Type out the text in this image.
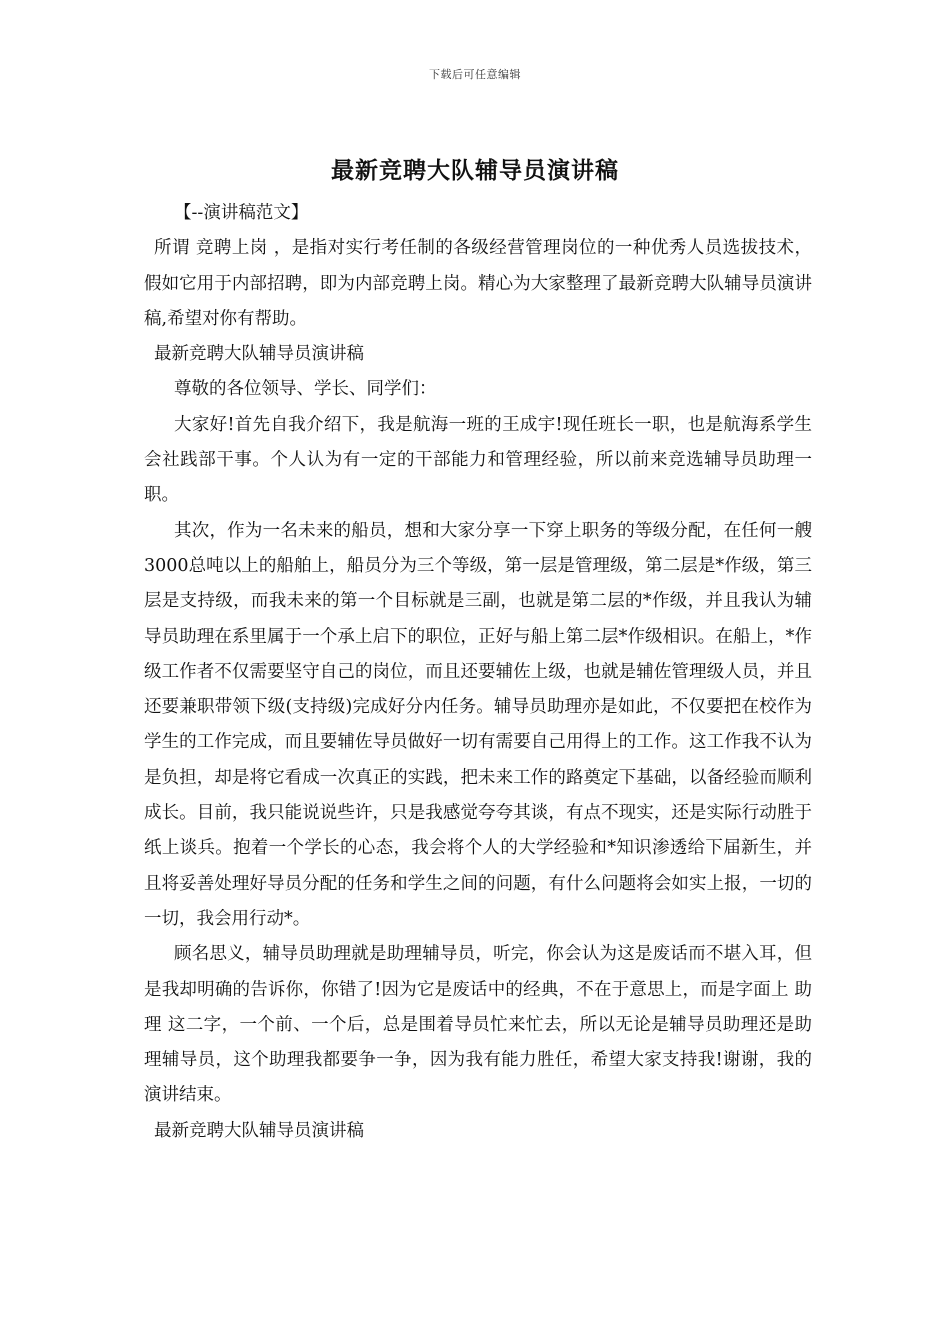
下载后可任意编辑
最新竞聘大队辅导员演讲稿

【--演讲稿范文】

所谓 竞聘上岗 ，是指对实行考任制的各级经营管理岗位的一种优秀人员选拔技术，假如它用于内部招聘，即为内部竞聘上岗。精心为大家整理了最新竞聘大队辅导员演讲稿,希望对你有帮助。

最新竞聘大队辅导员演讲稿

尊敬的各位领导、学长、同学们：

大家好!首先自我介绍下，我是航海一班的王成宇!现任班长一职，也是航海系学生会社践部干事。个人认为有一定的干部能力和管理经验，所以前来竞选辅导员助理一职。

其次，作为一名未来的船员，想和大家分享一下穿上职务的等级分配，在任何一艘3000总吨以上的船舶上，船员分为三个等级，第一层是管理级，第二层是*作级，第三层是支持级，而我未来的第一个目标就是三副，也就是第二层的*作级，并且我认为辅导员助理在系里属于一个承上启下的职位，正好与船上第二层*作级相识。在船上，*作级工作者不仅需要坚守自己的岗位，而且还要辅佐上级，也就是辅佐管理级人员，并且还要兼职带领下级(支持级)完成好分内任务。辅导员助理亦是如此，不仅要把在校作为学生的工作完成，而且要辅佐导员做好一切有需要自己用得上的工作。这工作我不认为是负担，却是将它看成一次真正的实践，把未来工作的路奠定下基础，以备经验而顺利成长。目前，我只能说说些许，只是我感觉夸夸其谈，有点不现实，还是实际行动胜于纸上谈兵。抱着一个学长的心态，我会将个人的大学经验和*知识渗透给下届新生，并且将妥善处理好导员分配的任务和学生之间的问题，有什么问题将会如实上报，一切的一切，我会用行动*。

顾名思义，辅导员助理就是助理辅导员，听完，你会认为这是废话而不堪入耳，但是我却明确的告诉你，你错了!因为它是废话中的经典，不在于意思上，而是字面上 助理 这二字，一个前、一个后，总是围着导员忙来忙去，所以无论是辅导员助理还是助理辅导员，这个助理我都要争一争，因为我有能力胜任，希望大家支持我!谢谢，我的演讲结束。

最新竞聘大队辅导员演讲稿
